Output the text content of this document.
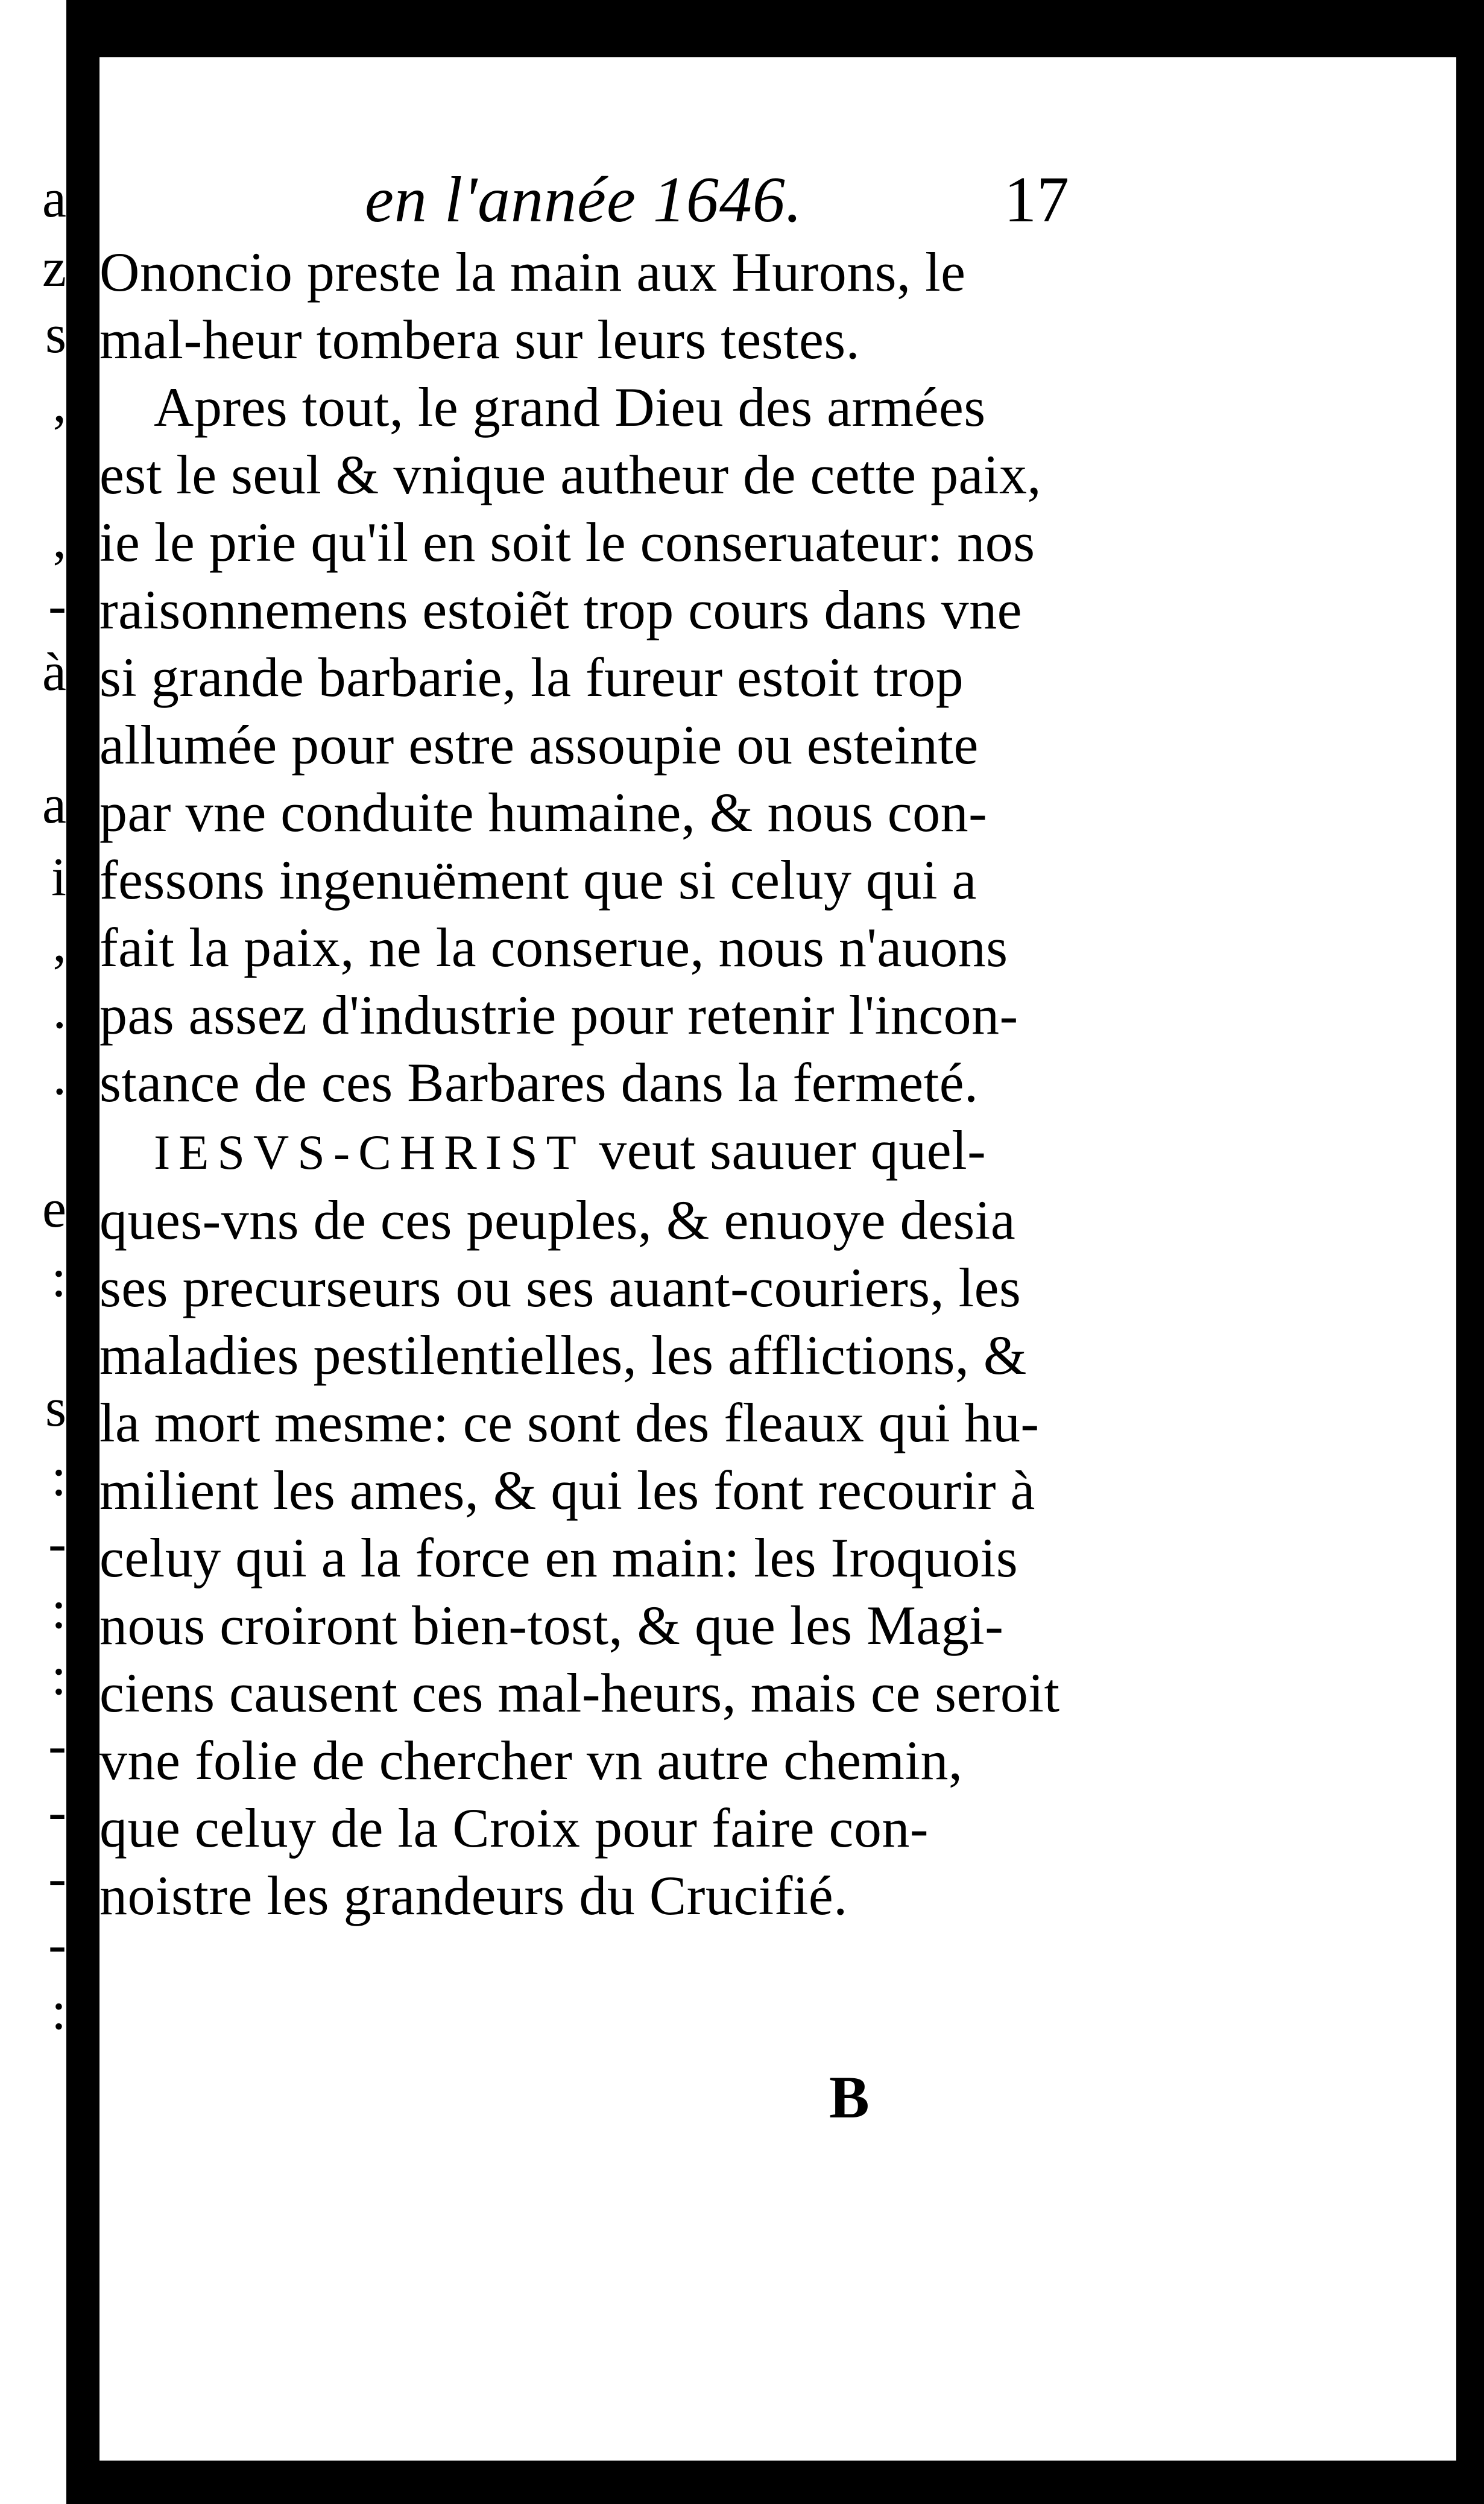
a
z
s
,
,
-
à
a
i
,
.
.
e
:
s
:
-
:
:
-
-
-
-
:
en l'année 1646.	17
Ononcio preste la main aux Hurons, le
mal-heur tombera sur leurs testes.
Apres tout, le grand Dieu des armées
est le seul & vnique autheur de cette paix,
ie le prie qu'il en soit le conseruateur: nos
raisonnemens estoiẽt trop cours dans vne
si grande barbarie, la fureur estoit trop
allumée pour estre assoupie ou esteinte
par vne conduite humaine, & nous con-
fessons ingenuëment que si celuy qui a
fait la paix, ne la conserue, nous n'auons
pas assez d'industrie pour retenir l'incon-
stance de ces Barbares dans la fermeté.
IESVS-CHRIST veut sauuer quel-
ques-vns de ces peuples, & enuoye desia
ses precurseurs ou ses auant-couriers, les
maladies pestilentielles, les afflictions, &
la mort mesme: ce sont des fleaux qui hu-
milient les ames, & qui les font recourir à
celuy qui a la force en main: les Iroquois
nous croiront bien-tost, & que les Magi-
ciens causent ces mal-heurs, mais ce seroit
vne folie de chercher vn autre chemin,
que celuy de la Croix pour faire con-
noistre les grandeurs du Crucifié.
B
